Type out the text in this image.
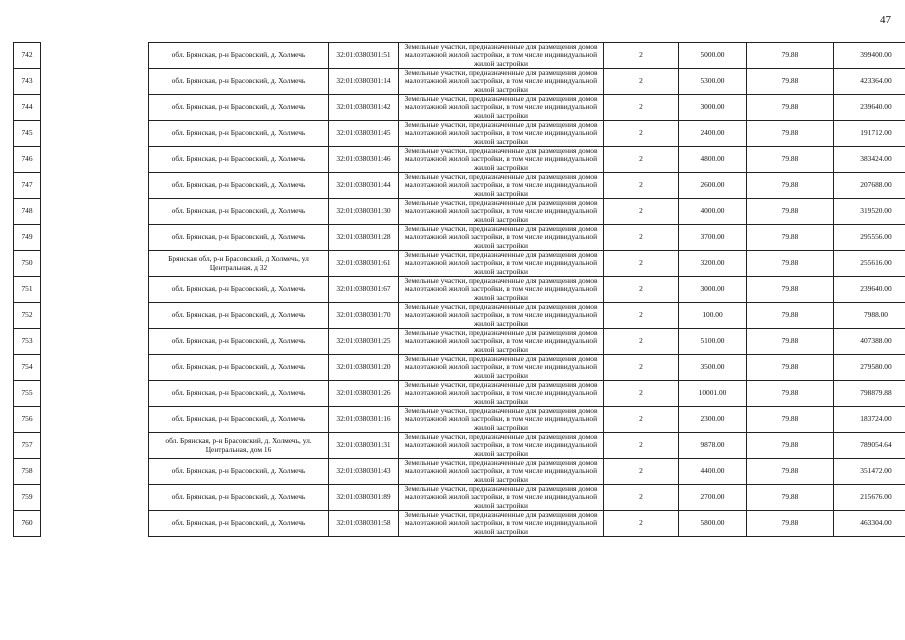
47
742		обл. Брянская, р-н Брасовский, д. Холмечь	32:01:0380301:51	Земельные участки, предназначенные для размещения домов малоэтажной жилой застройки, в том числе индивидуальной жилой застройки	2	5000.00	79.88	399400.00
743		обл. Брянская, р-н Брасовский, д. Холмечь	32:01:0380301:14	Земельные участки, предназначенные для размещения домов малоэтажной жилой застройки, в том числе индивидуальной жилой застройки	2	5300.00	79.88	423364.00
744		обл. Брянская, р-н Брасовский, д. Холмечь	32:01:0380301:42	Земельные участки, предназначенные для размещения домов малоэтажной жилой застройки, в том числе индивидуальной жилой застройки	2	3000.00	79.88	239640.00
745		обл. Брянская, р-н Брасовский, д. Холмечь	32:01:0380301:45	Земельные участки, предназначенные для размещения домов малоэтажной жилой застройки, в том числе индивидуальной жилой застройки	2	2400.00	79.88	191712.00
746		обл. Брянская, р-н Брасовский, д. Холмечь	32:01:0380301:46	Земельные участки, предназначенные для размещения домов малоэтажной жилой застройки, в том числе индивидуальной жилой застройки	2	4800.00	79.88	383424.00
747		обл. Брянская, р-н Брасовский, д. Холмечь	32:01:0380301:44	Земельные участки, предназначенные для размещения домов малоэтажной жилой застройки, в том числе индивидуальной жилой застройки	2	2600.00	79.88	207688.00
748		обл. Брянская, р-н Брасовский, д. Холмечь	32:01:0380301:30	Земельные участки, предназначенные для размещения домов малоэтажной жилой застройки, в том числе индивидуальной жилой застройки	2	4000.00	79.88	319520.00
749		обл. Брянская, р-н Брасовский, д. Холмечь	32:01:0380301:28	Земельные участки, предназначенные для размещения домов малоэтажной жилой застройки, в том числе индивидуальной жилой застройки	2	3700.00	79.88	295556.00
750		Брянская обл, р-н Брасовский, д Холмечь, ул Центральная, д 32	32:01:0380301:61	Земельные участки, предназначенные для размещения домов малоэтажной жилой застройки, в том числе индивидуальной жилой застройки	2	3200.00	79.88	255616.00
751		обл. Брянская, р-н Брасовский, д. Холмечь	32:01:0380301:67	Земельные участки, предназначенные для размещения домов малоэтажной жилой застройки, в том числе индивидуальной жилой застройки	2	3000.00	79.88	239640.00
752		обл. Брянская, р-н Брасовский, д. Холмечь	32:01:0380301:70	Земельные участки, предназначенные для размещения домов малоэтажной жилой застройки, в том числе индивидуальной жилой застройки	2	100.00	79.88	7988.00
753		обл. Брянская, р-н Брасовский, д. Холмечь	32:01:0380301:25	Земельные участки, предназначенные для размещения домов малоэтажной жилой застройки, в том числе индивидуальной жилой застройки	2	5100.00	79.88	407388.00
754		обл. Брянская, р-н Брасовский, д. Холмечь	32:01:0380301:20	Земельные участки, предназначенные для размещения домов малоэтажной жилой застройки, в том числе индивидуальной жилой застройки	2	3500.00	79.88	279580.00
755		обл. Брянская, р-н Брасовский, д. Холмечь	32:01:0380301:26	Земельные участки, предназначенные для размещения домов малоэтажной жилой застройки, в том числе индивидуальной жилой застройки	2	10001.00	79.88	798879.88
756		обл. Брянская, р-н Брасовский, д. Холмечь	32:01:0380301:16	Земельные участки, предназначенные для размещения домов малоэтажной жилой застройки, в том числе индивидуальной жилой застройки	2	2300.00	79.88	183724.00
757		обл. Брянская, р-н Брасовский, д. Холмечь, ул. Центральная, дом 16	32:01:0380301:31	Земельные участки, предназначенные для размещения домов малоэтажной жилой застройки, в том числе индивидуальной жилой застройки	2	9878.00	79.88	789054.64
758		обл. Брянская, р-н Брасовский, д. Холмечь	32:01:0380301:43	Земельные участки, предназначенные для размещения домов малоэтажной жилой застройки, в том числе индивидуальной жилой застройки	2	4400.00	79.88	351472.00
759		обл. Брянская, р-н Брасовский, д. Холмечь	32:01:0380301:89	Земельные участки, предназначенные для размещения домов малоэтажной жилой застройки, в том числе индивидуальной жилой застройки	2	2700.00	79.88	215676.00
760		обл. Брянская, р-н Брасовский, д. Холмечь	32:01:0380301:58	Земельные участки, предназначенные для размещения домов малоэтажной жилой застройки, в том числе индивидуальной жилой застройки	2	5800.00	79.88	463304.00
